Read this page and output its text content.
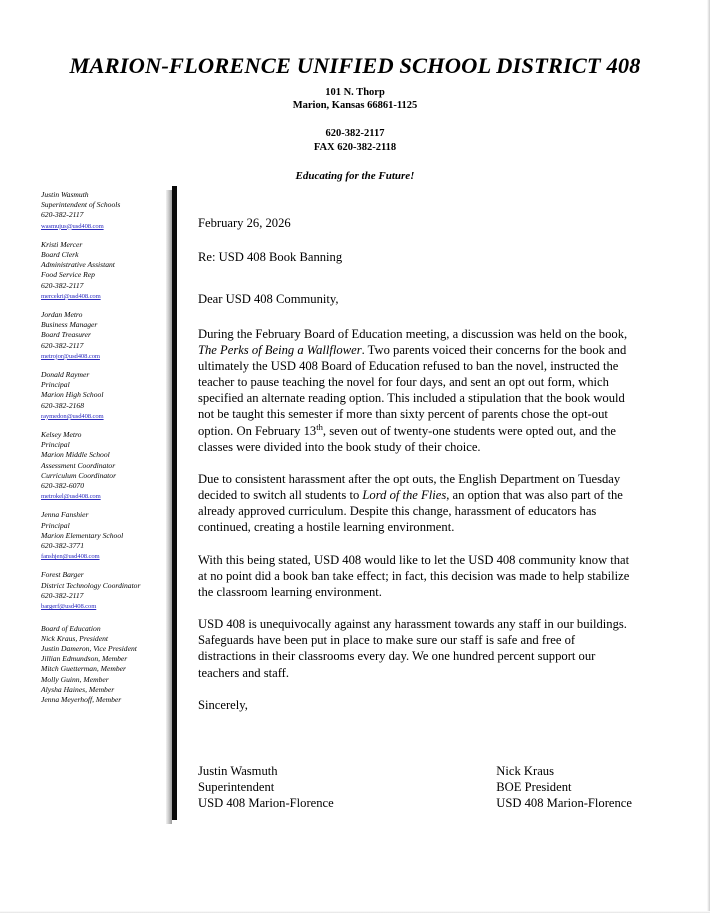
MARION-FLORENCE UNIFIED SCHOOL DISTRICT 408
101 N. Thorp
Marion, Kansas 66861-1125
620-382-2117
FAX 620-382-2118
Educating for the Future!
Justin Wasmuth
Superintendent of Schools
620-382-2117
wasmujus@usd408.com
Kristi Mercer
Board Clerk
Administrative Assistant
Food Service Rep
620-382-2117
mercekri@usd408.com
Jordan Metro
Business Manager
Board Treasurer
620-382-2117
metrojor@usd408.com
Donald Raymer
Principal
Marion High School
620-382-2168
raymedon@usd408.com
Kelsey Metro
Principal
Marion Middle School
Assessment Coordinator
Curriculum Coordinator
620-382-6070
metrokel@usd408.com
Jenna Fanshier
Principal
Marion Elementary School
620-382-3771
fanshjen@usd408.com
Forest Barger
District Technology Coordinator
620-382-2117
bargerf@usd408.com
Board of Education
Nick Kraus, President
Justin Dameron, Vice President
Jillian Edmundson, Member
Mitch Guetterman, Member
Molly Guinn, Member
Alysha Haines, Member
Jenna Meyerhoff, Member

February 26, 2026

Re: USD 408 Book Banning

Dear USD 408 Community,

During the February Board of Education meeting, a discussion was held on the book, The Perks of Being a Wallflower. Two parents voiced their concerns for the book and ultimately the USD 408 Board of Education refused to ban the novel, instructed the teacher to pause teaching the novel for four days, and sent an opt out form, which specified an alternate reading option. This included a stipulation that the book would not be taught this semester if more than sixty percent of parents chose the opt-out option. On February 13th, seven out of twenty-one students were opted out, and the classes were divided into the book study of their choice.

Due to consistent harassment after the opt outs, the English Department on Tuesday decided to switch all students to Lord of the Flies, an option that was also part of the already approved curriculum. Despite this change, harassment of educators has continued, creating a hostile learning environment.

With this being stated, USD 408 would like to let the USD 408 community know that at no point did a book ban take effect; in fact, this decision was made to help stabilize the classroom learning environment.

USD 408 is unequivocally against any harassment towards any staff in our buildings. Safeguards have been put in place to make sure our staff is safe and free of distractions in their classrooms every day. We one hundred percent support our teachers and staff.

Sincerely,

Justin Wasmuth
Superintendent
USD 408 Marion-Florence
Nick Kraus
BOE President
USD 408 Marion-Florence
